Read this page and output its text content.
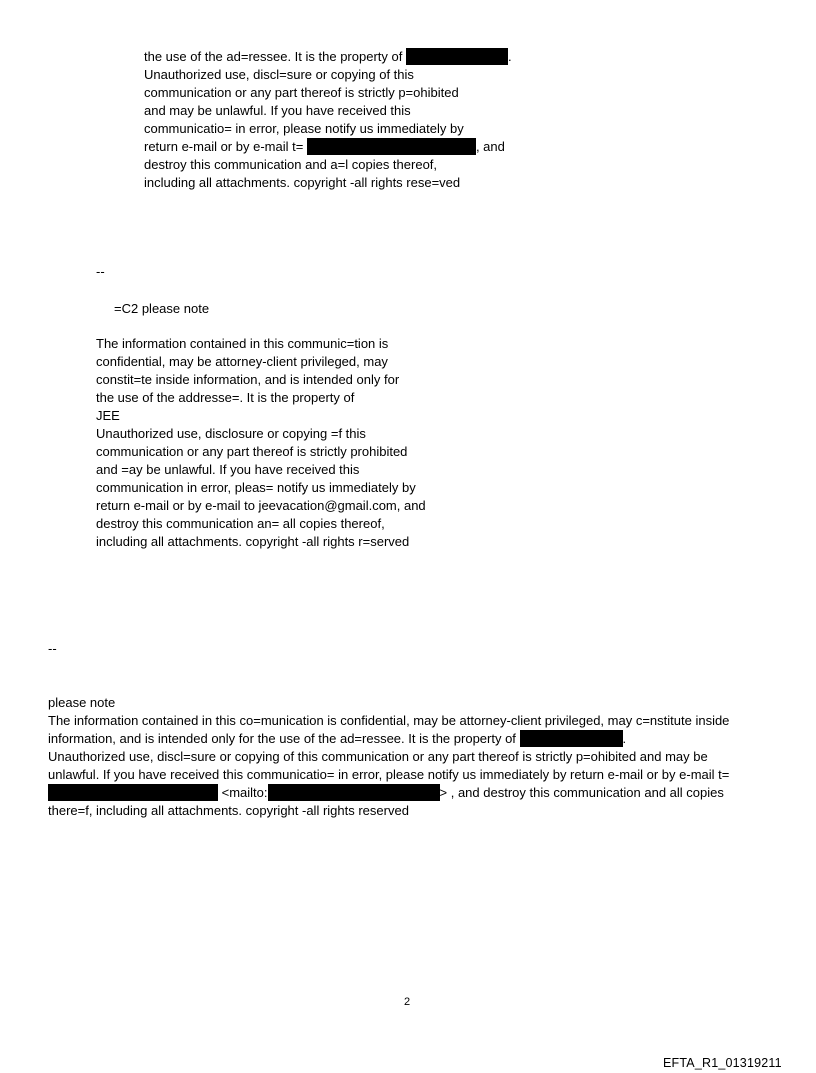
the use of the ad=ressee. It is the property of	.
Unauthorized use, discl=sure or copying of this
communication or any part thereof is strictly p=ohibited
and may be unlawful. If you have received this
communicatio= in error, please notify us immediately by
return e-mail or by e-mail t=	, and
destroy this communication and a=l copies thereof,
including all attachments. copyright -all rights rese=ved
--
=C2 please note
The information contained in this communic=tion is
confidential, may be attorney-client privileged, may
constit=te inside information, and is intended only for
the use of the addresse=. It is the property of
JEE
Unauthorized use, disclosure or copying =f this
communication or any part thereof is strictly prohibited
and =ay be unlawful. If you have received this
communication in error, pleas= notify us immediately by
return e-mail or by e-mail to jeevacation@gmail.com, and
destroy this communication an= all copies thereof,
including all attachments. copyright -all rights r=served
--
please note
The information contained in this co=munication is confidential, may be attorney-client privileged, may c=nstitute inside
information, and is intended only for the use of the ad=ressee. It is the property of	.
Unauthorized use, discl=sure or copying of this communication or any part thereof is strictly p=ohibited and may be
unlawful. If you have received this communicatio= in error, please notify us immediately by return e-mail or by e-mail t=
<mailto:	> , and destroy this communication and all copies
there=f, including all attachments. copyright -all rights reserved
2
EFTA_R1_01319211
